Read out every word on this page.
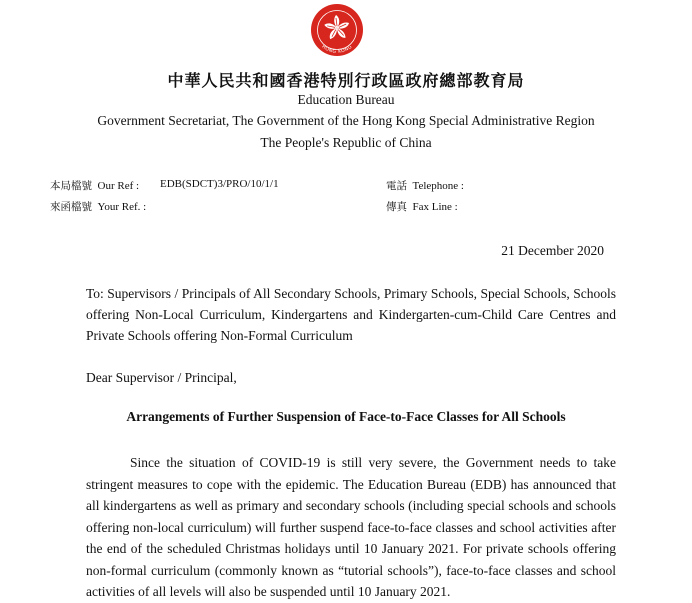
HONG KONG
中華人民共和國香港特別行政區政府總部教育局
Education Bureau
Government Secretariat, The Government of the Hong Kong Special Administrative Region
The People's Republic of China
本局檔號 Our Ref : EDB(SDCT)3/PRO/10/1/1
來函檔號 Your Ref. :
電話 Telephone :
傳真 Fax Line :
21 December 2020
To: Supervisors / Principals of All Secondary Schools, Primary Schools, Special Schools, Schools offering Non-Local Curriculum, Kindergartens and Kindergarten-cum-Child Care Centres and Private Schools offering Non-Formal Curriculum
Dear Supervisor / Principal,
Arrangements of Further Suspension of Face-to-Face Classes for All Schools
Since the situation of COVID-19 is still very severe, the Government needs to take stringent measures to cope with the epidemic. The Education Bureau (EDB) has announced that all kindergartens as well as primary and secondary schools (including special schools and schools offering non-local curriculum) will further suspend face-to-face classes and school activities after the end of the scheduled Christmas holidays until 10 January 2021. For private schools offering non-formal curriculum (commonly known as “tutorial schools”), face-to-face classes and school activities of all levels will also be suspended until 10 January 2021.
